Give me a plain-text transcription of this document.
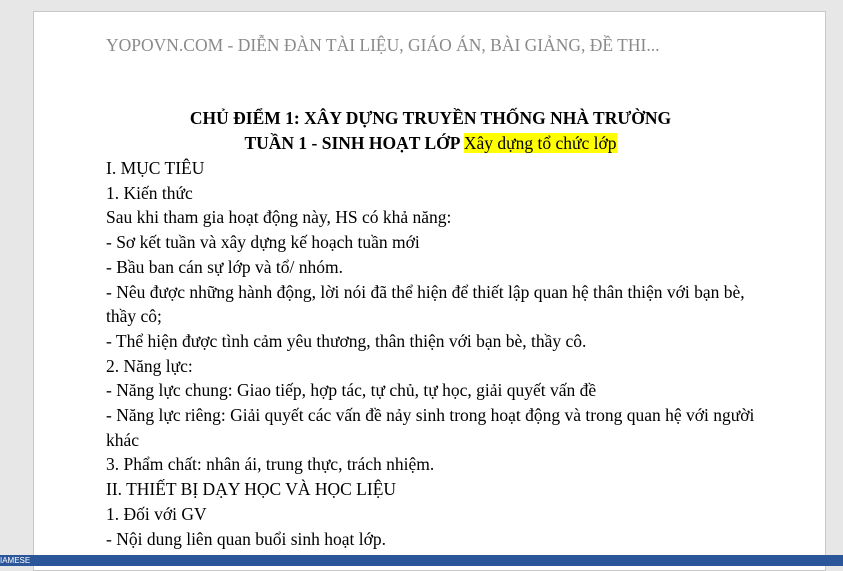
YOPOVN.COM - DIỄN ĐÀN TÀI LIỆU, GIÁO ÁN, BÀI GIẢNG, ĐỀ THI...
CHỦ ĐIỂM 1: XÂY DỰNG TRUYỀN THỐNG NHÀ TRƯỜNG
TUẦN 1 - SINH HOẠT LỚP Xây dựng tổ chức lớp

I. MỤC TIÊU

1. Kiến thức

Sau khi tham gia hoạt động này, HS có khả năng:

- Sơ kết tuần và xây dựng kế hoạch tuần mới

- Bầu ban cán sự lớp và tổ/ nhóm.

- Nêu được những hành động, lời nói đã thể hiện để thiết lập quan hệ thân thiện với bạn bè, thầy cô;

- Thể hiện được tình cảm yêu thương, thân thiện với bạn bè, thầy cô.

2. Năng lực:

- Năng lực chung: Giao tiếp, hợp tác, tự chủ, tự học, giải quyết vấn đề

- Năng lực riêng: Giải quyết các vấn đề nảy sinh trong hoạt động và trong quan hệ với người khác

3. Phẩm chất: nhân ái, trung thực, trách nhiệm.

II. THIẾT BỊ DẠY HỌC VÀ HỌC LIỆU

1. Đối với GV

- Nội dung liên quan buổi sinh hoạt lớp.

IAMESE
